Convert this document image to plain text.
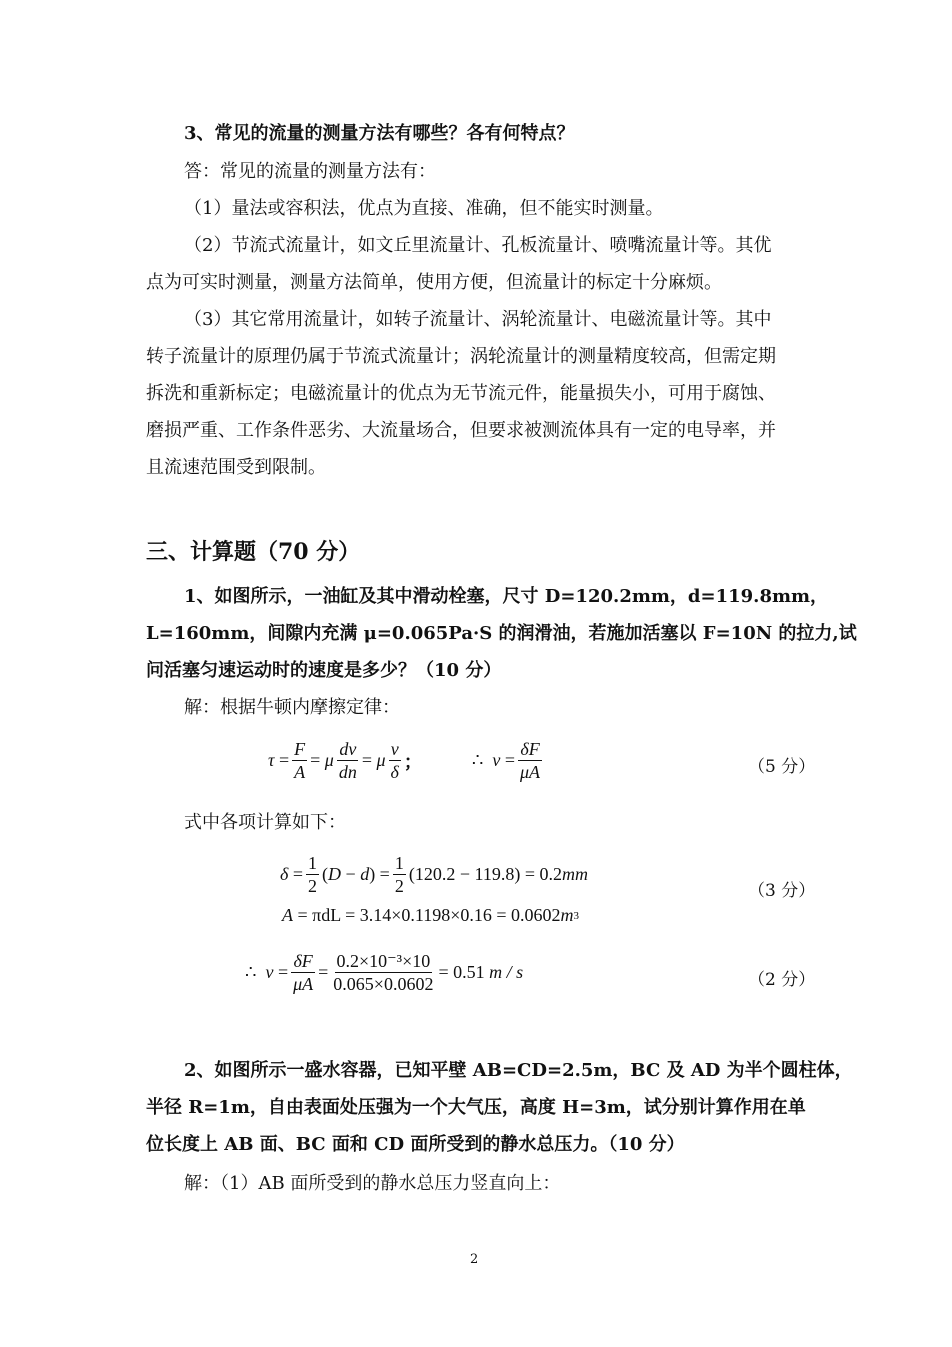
3、常见的流量的测量方法有哪些？各有何特点？
答：常见的流量的测量方法有：
（1）量法或容积法，优点为直接、准确，但不能实时测量。
（2）节流式流量计，如文丘里流量计、孔板流量计、喷嘴流量计等。其优
点为可实时测量，测量方法简单，使用方便，但流量计的标定十分麻烦。
（3）其它常用流量计，如转子流量计、涡轮流量计、电磁流量计等。其中
转子流量计的原理仍属于节流式流量计；涡轮流量计的测量精度较高，但需定期
拆洗和重新标定；电磁流量计的优点为无节流元件，能量损失小，可用于腐蚀、
磨损严重、工作条件恶劣、大流量场合，但要求被测流体具有一定的电导率，并
且流速范围受到限制。
三、计算题（70 分）
1、如图所示，一油缸及其中滑动栓塞，尺寸 D=120.2mm，d=119.8mm，
L=160mm，间隙内充满 μ=0.065Pa·S 的润滑油，若施加活塞以 F=10N 的拉力,试
问活塞匀速运动时的速度是多少？（10 分）
解：根据牛顿内摩擦定律：
$\tau = \frac{F}{A} = \mu \frac{dv}{dn} = \mu \frac{v}{\delta}$ ；	∴ $v = \frac{\delta F}{\mu A}$	（5 分）
式中各项计算如下：
$\delta = \frac{1}{2}$ ( D − d ) = $\frac{1}{2} (120.2 - 119.8) = 0.2$ mm
A
= πdL = 3.14×0.1198×0.16 = 0.0602 m 3
（3 分）
∴ $v = \frac{\delta F}{\mu A} = \frac{\text{0.2×10⁻³×10}}{0.065\times 0.0602} = 0.51$
m / s	（2 分）
2、如图所示一盛水容器，已知平壁 AB=CD=2.5m，BC 及 AD 为半个圆柱体，
半径 R=1m，自由表面处压强为一个大气压，高度 H=3m，试分别计算作用在单
位长度上 AB 面、BC 面和 CD 面所受到的静水总压力。（10 分）
解：（1）AB 面所受到的静水总压力竖直向上：
2
